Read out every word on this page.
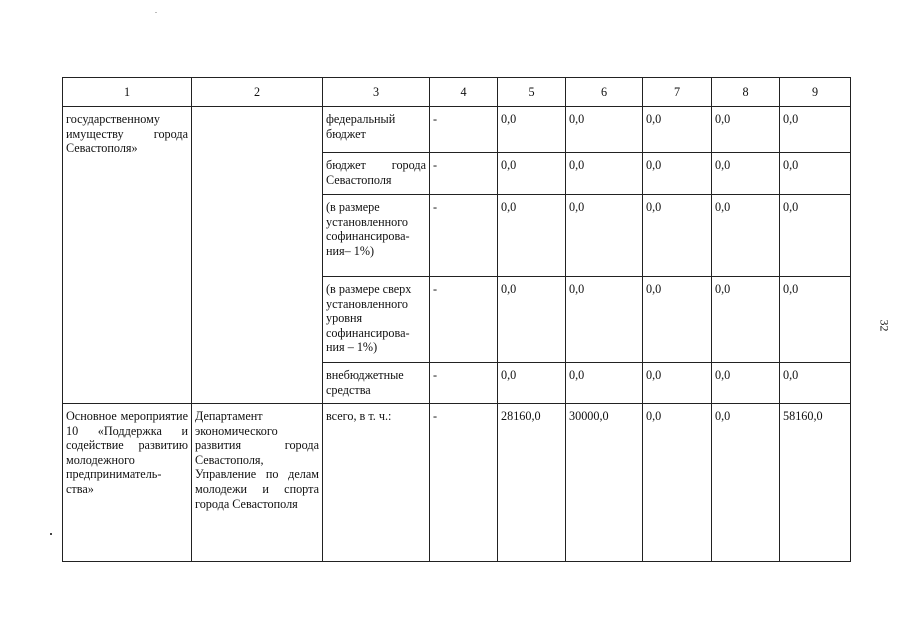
1	2	3	4	5	6	7	8	9
государственному имуществу города Севастополя»		федеральный бюджет	-	0,0	0,0	0,0	0,0	0,0
		бюджет города Севастополя	-	0,0	0,0	0,0	0,0	0,0
		(в размере установленного софинансирова-ния– 1%)	-	0,0	0,0	0,0	0,0	0,0
		(в размере сверх установленного уровня софинансирова-ния – 1%)	-	0,0	0,0	0,0	0,0	0,0
		внебюджетные средства	-	0,0	0,0	0,0	0,0	0,0
Основное мероприятие 10 «Поддержка и содействие развитию молодежного предприниматель-ства»	Департамент экономического развития города Севастополя, Управление по делам молодежи и спорта города Севастополя	всего, в т. ч.:	-	28160,0	30000,0	0,0	0,0	58160,0
32
